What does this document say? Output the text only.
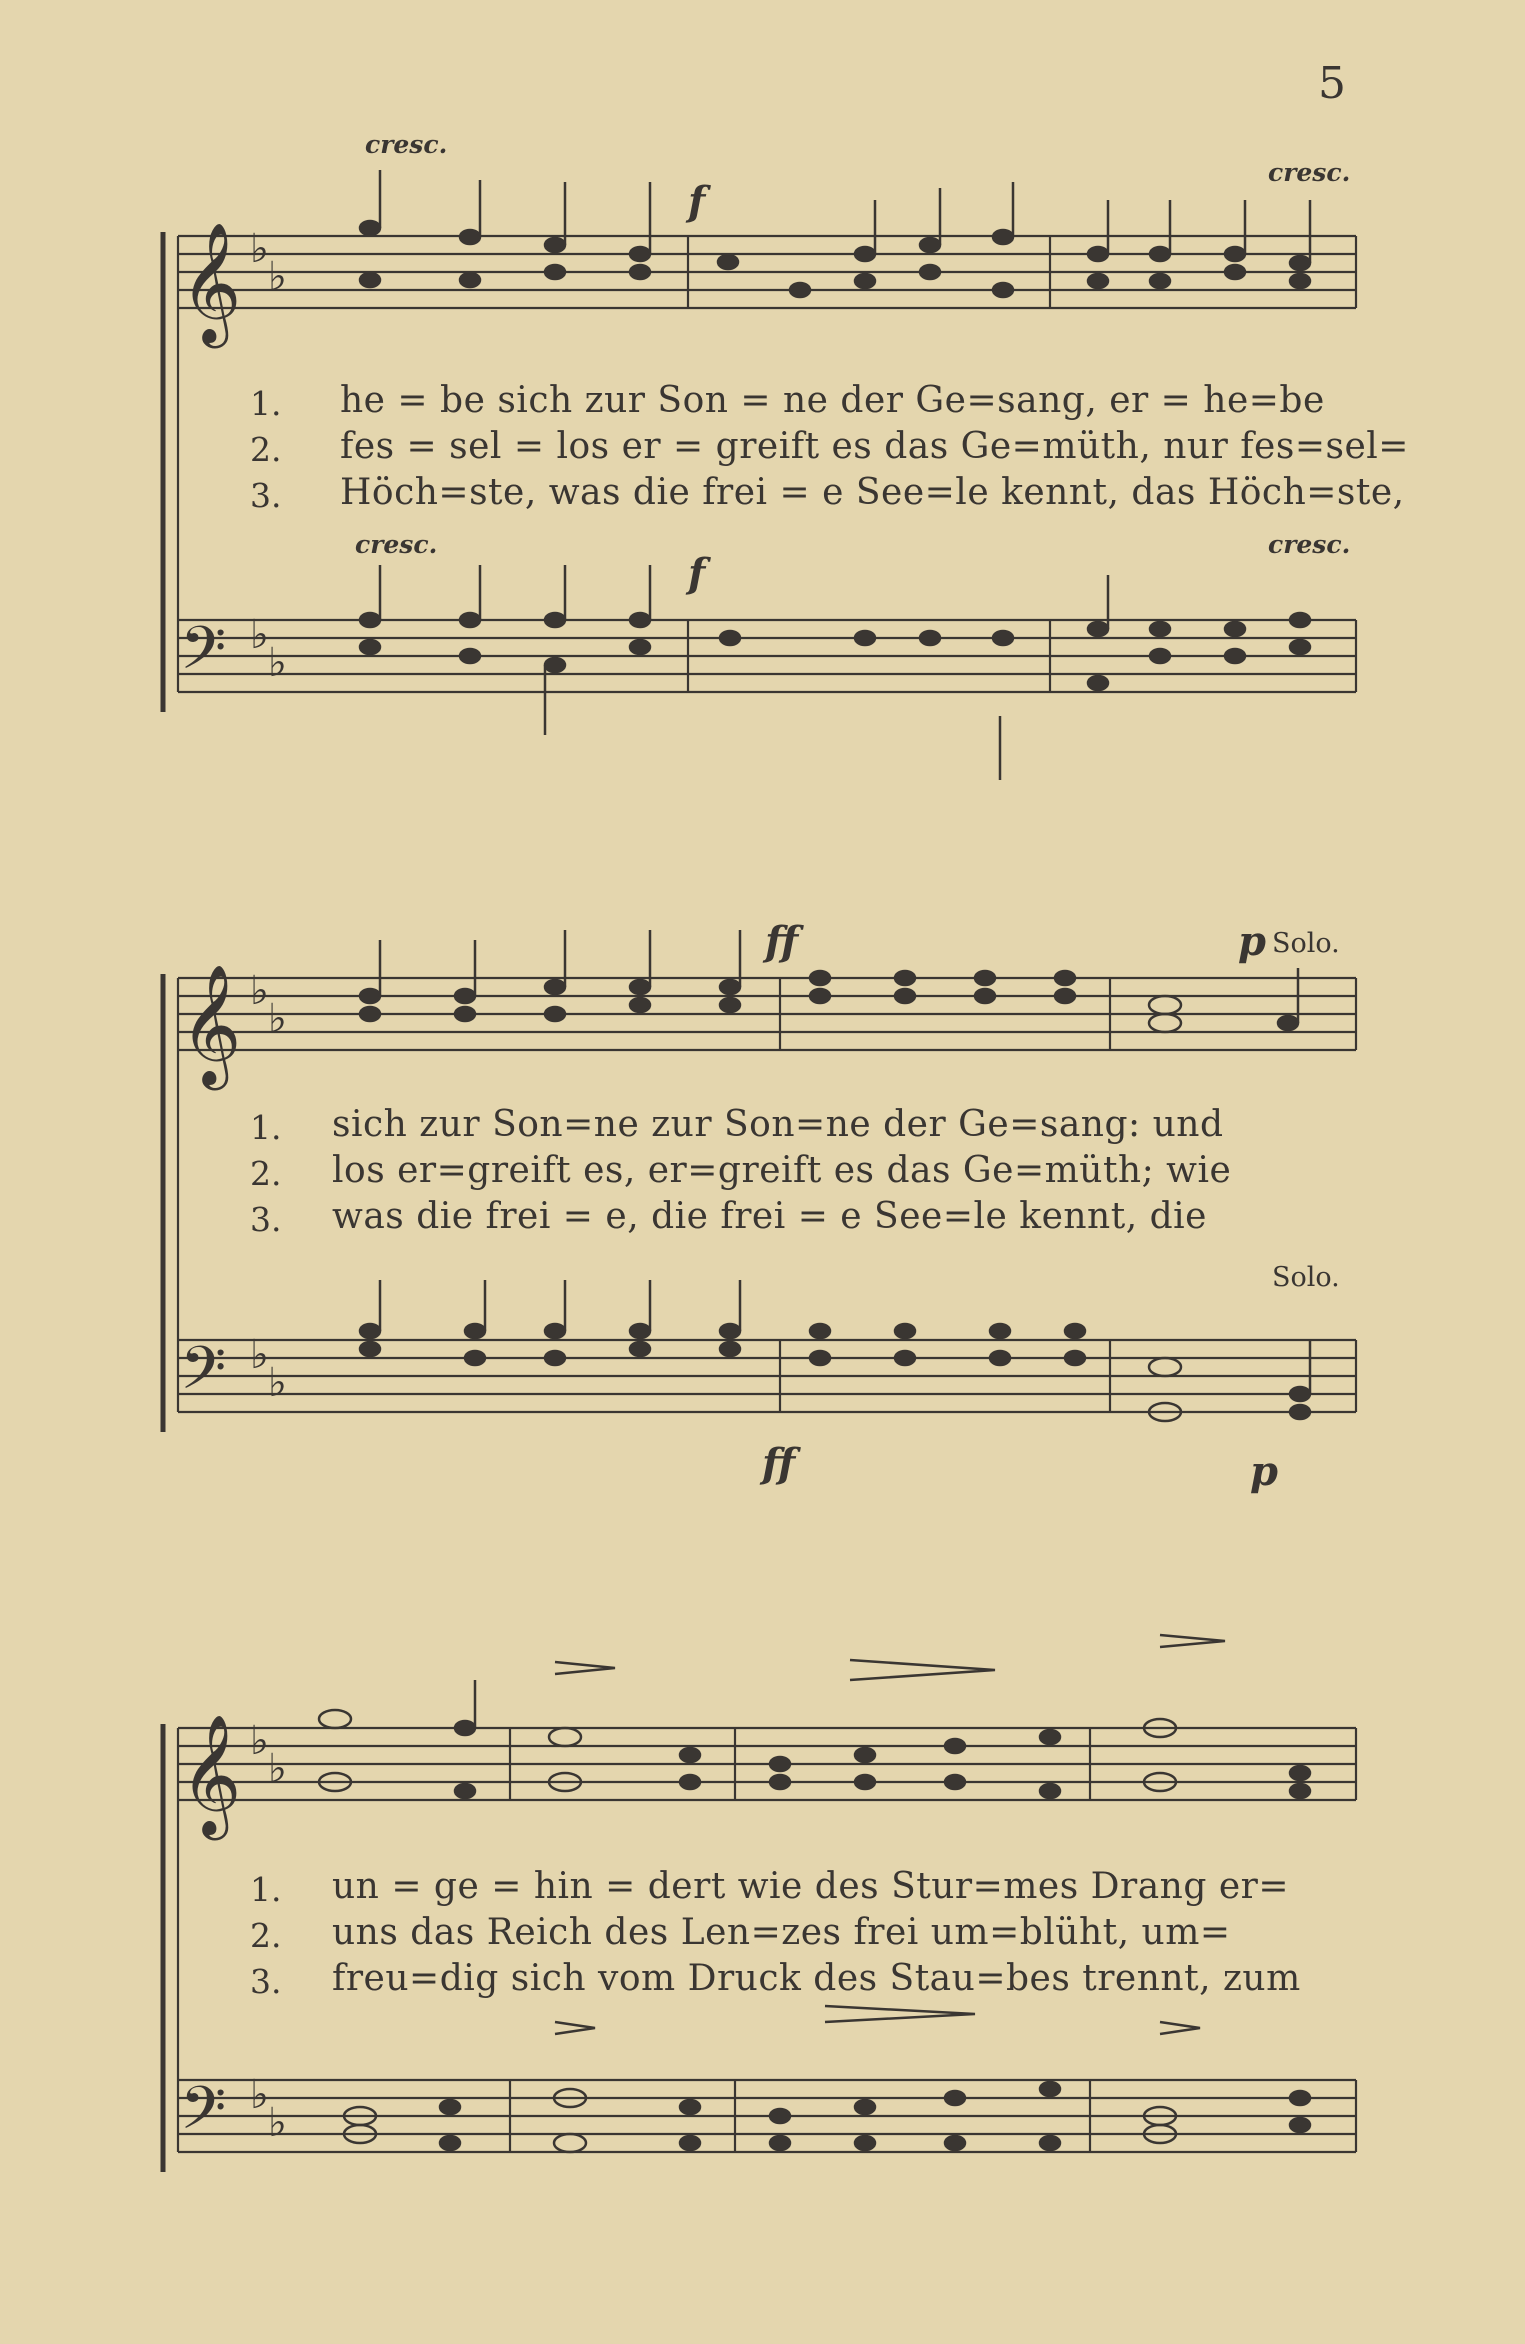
5
cresc.
cresc.
f
1. he = be sich zur Son = ne der Ge=sang, er = he=be
2. fes = sel = los er = greift es das Ge=müth, nur fes=sel=
3. Höch=ste, was die frei = e See=le kennt, das Höch=ste,
cresc.	cresc.
f
ff	p Solo.
1. sich zur Son=ne zur Son=ne der Ge=sang: und
2. los er=greift es, er=greift es das Ge=müth; wie
3. was die frei = e, die frei = e See=le kennt, die
Solo.
ff	p
1. un = ge = hin = dert wie des Stur=mes Drang er=
2. uns das Reich des Len=zes frei um=blüht, um=
3. freu=dig sich vom Druck des Stau=bes trennt, zum
𝄞
𝄢
𝄞
𝄢
𝄞
𝄢
♭
♭
♭
♭
♭
♭
♭
♭
♭
♭
♭
♭
